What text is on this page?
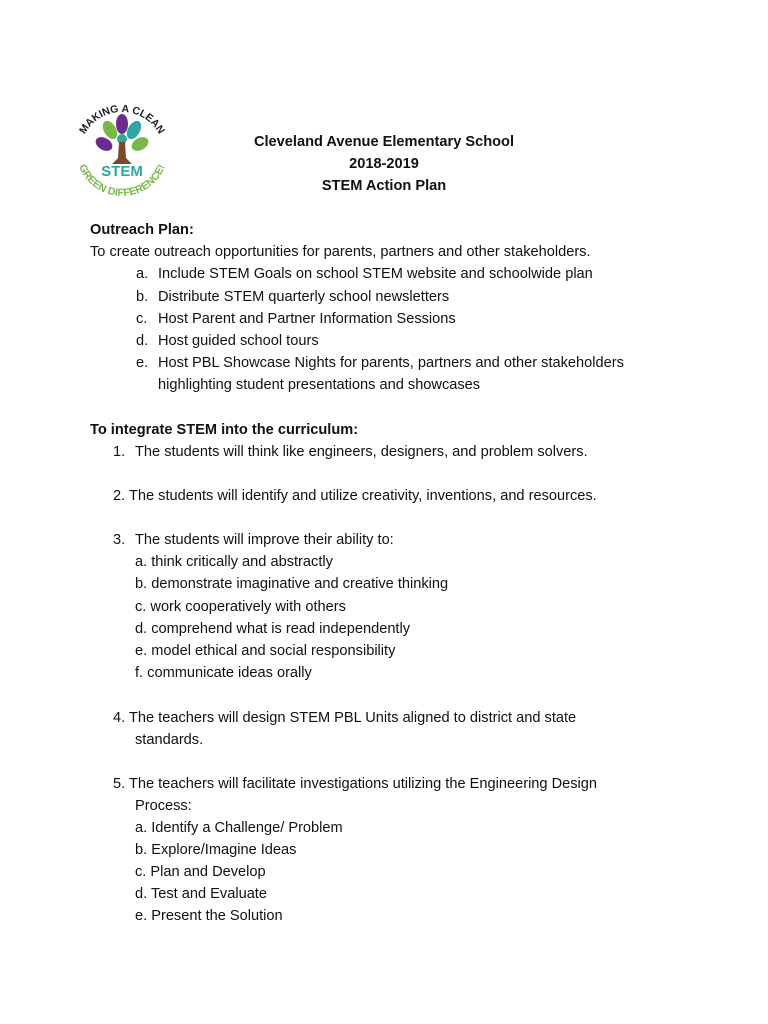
STEM
MAKING A CLEAN
GREEN DIFFERENCE!
Cleveland Avenue Elementary School
2018-2019
STEM Action Plan
Outreach Plan:
To create outreach opportunities for parents, partners and other stakeholders.
a. Include STEM Goals on school STEM website and schoolwide plan
b. Distribute STEM quarterly school newsletters
c. Host Parent and Partner Information Sessions
d. Host guided school tours
e. Host PBL Showcase Nights for parents, partners and other stakeholders
highlighting student presentations and showcases
To integrate STEM into the curriculum:
1. The students will think like engineers, designers, and problem solvers.
2. The students will identify and utilize creativity, inventions, and resources.
3. The students will improve their ability to:
a. think critically and abstractly
b. demonstrate imaginative and creative thinking
c. work cooperatively with others
d. comprehend what is read independently
e. model ethical and social responsibility
f. communicate ideas orally
4. The teachers will design STEM PBL Units aligned to district and state
standards.
5. The teachers will facilitate investigations utilizing the Engineering Design
Process:
a. Identify a Challenge/ Problem
b. Explore/Imagine Ideas
c. Plan and Develop
d. Test and Evaluate
e. Present the Solution
